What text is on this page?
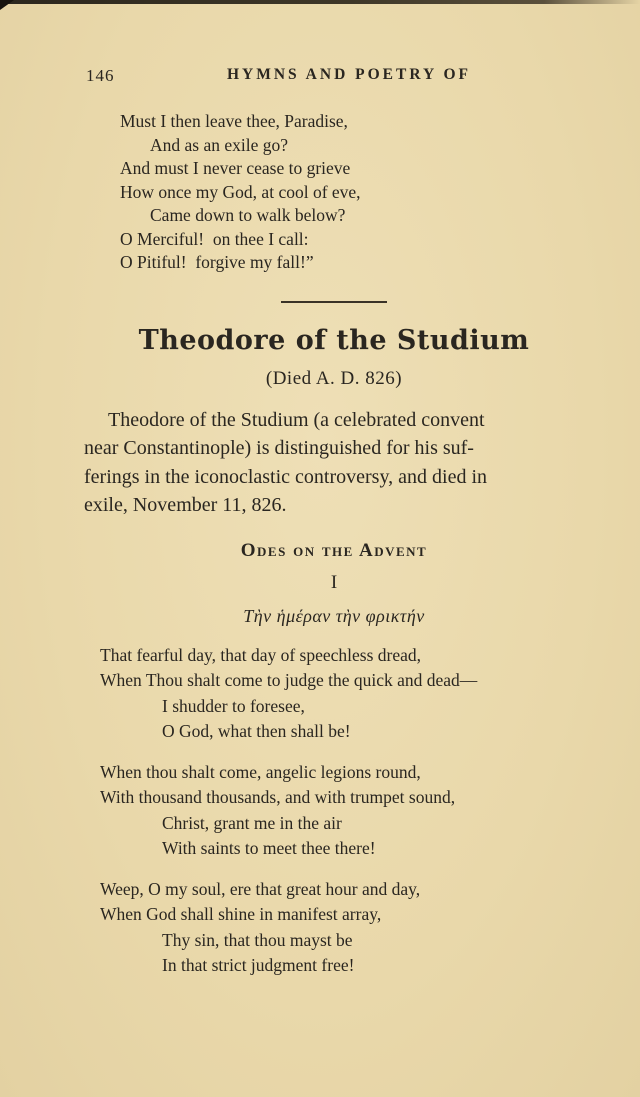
146	HYMNS AND POETRY OF
Must I then leave thee, Paradise,
And as an exile go?
And must I never cease to grieve
How once my God, at cool of eve,
Came down to walk below?
O Merciful!  on thee I call:
O Pitiful!  forgive my fall!”
Theodore of the Studium
(Died A. D. 826)
Theodore of the Studium (a celebrated convent
near Constantinople) is distinguished for his suf-
ferings in the iconoclastic controversy, and died in
exile, November 11, 826.
Odes on the Advent
I
Τὴν ἡμέραν τὴν φρικτήν
That fearful day, that day of speechless dread,
When Thou shalt come to judge the quick and dead—
I shudder to foresee,
O God, what then shall be!
When thou shalt come, angelic legions round,
With thousand thousands, and with trumpet sound,
Christ, grant me in the air
With saints to meet thee there!
Weep, O my soul, ere that great hour and day,
When God shall shine in manifest array,
Thy sin, that thou mayst be
In that strict judgment free!
